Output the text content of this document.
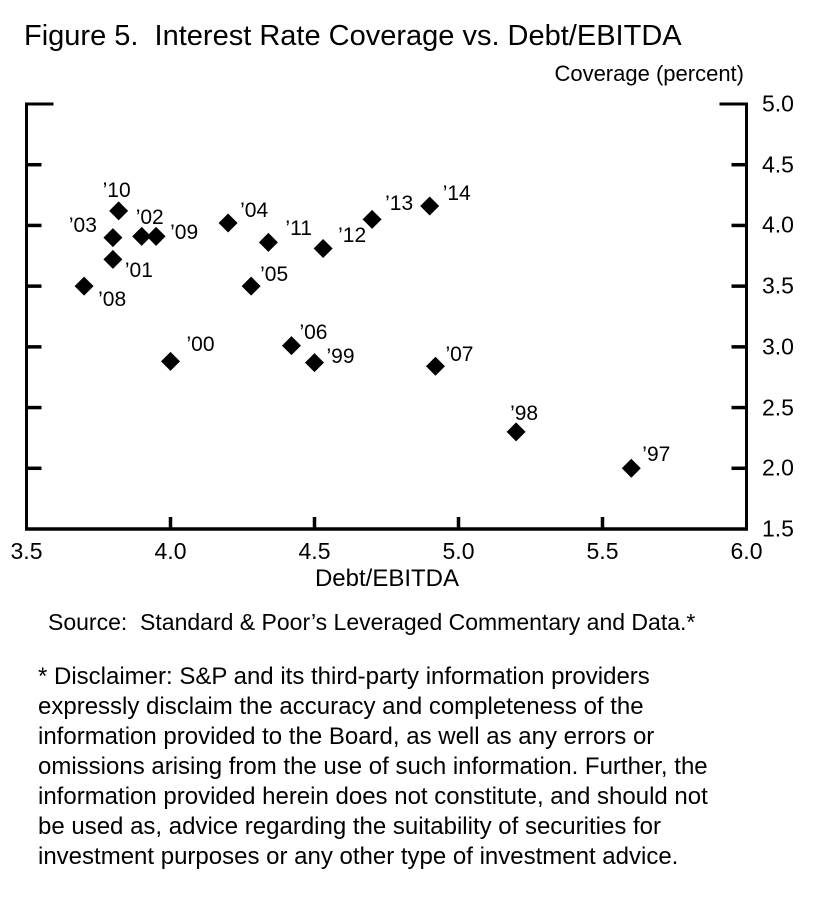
Figure 5.  Interest Rate Coverage vs. Debt/EBITDA
Coverage (percent)
1.5
2.0
2.5
3.0
3.5
4.0
4.5
5.0
3.5	4.0	4.5	5.0	5.5	6.0
’97
’98
’99
’00
’01
’02
’03
’04
’05
’06
’07
’08
’09
’10
’11 ’12
’13 ’14
Debt/EBITDA
Source:  Standard & Poor’s Leveraged Commentary and Data.*
* Disclaimer: S&P and its third-party information providers
expressly disclaim the accuracy and completeness of the
information provided to the Board, as well as any errors or
omissions arising from the use of such information. Further, the
information provided herein does not constitute, and should not
be used as, advice regarding the suitability of securities for
investment purposes or any other type of investment advice.
